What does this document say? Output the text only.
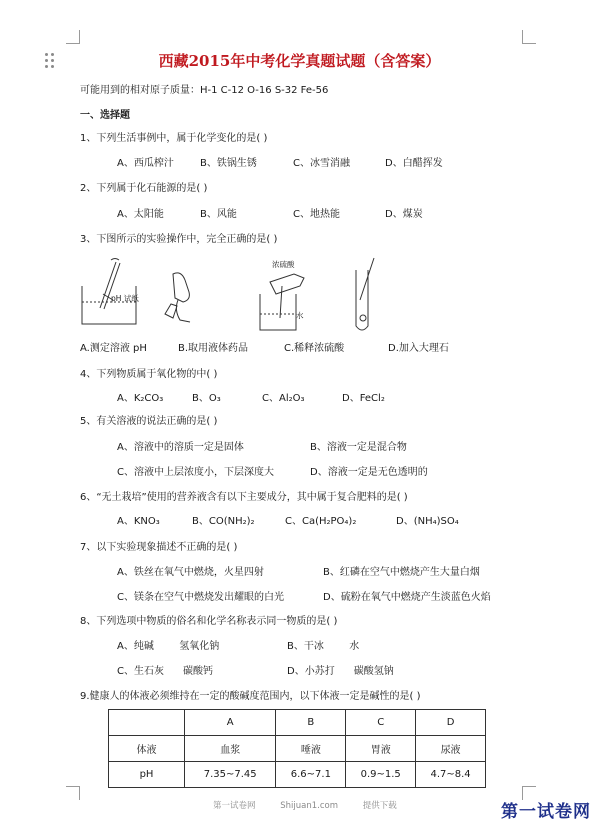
西藏2015年中考化学真题试题（含答案）
可能用到的相对原子质量：H-1 C-12 O-16 S-32 Fe-56
一、选择题
1、下列生活事例中，属于化学变化的是( )
A、西瓜榨汁	B、铁锅生锈	C、冰雪消融	D、白醋挥发
2、下列属于化石能源的是( )
A、太阳能	B、风能	C、地热能	D、煤炭
3、下图所示的实验操作中，完全正确的是( )
pH 试纸
浓硫酸
水
A.测定溶液 pH	B.取用液体药品	C.稀释浓硫酸	D.加入大理石
4、下列物质属于氧化物的中( )
A、K₂CO₃	B、O₃	C、Al₂O₃	D、FeCl₂
5、有关溶液的说法正确的是( )
A、溶液中的溶质一定是固体	B、溶液一定是混合物
C、溶液中上层浓度小，下层深度大	D、溶液一定是无色透明的
6、“无土栽培”使用的营养液含有以下主要成分，其中属于复合肥料的是( )
A、KNO₃	B、CO(NH₂)₂	C、Ca(H₂PO₄)₂	D、(NH₄)SO₄
7、以下实验现象描述不正确的是( )
A、铁丝在氧气中燃烧，火星四射	B、红磷在空气中燃烧产生大量白烟
C、镁条在空气中燃烧发出耀眼的白光	D、硫粉在氧气中燃烧产生淡蓝色火焰
8、下列选项中物质的俗名和化学名称表示同一物质的是( )
A、纯碱        氢氧化钠	B、干冰        水
C、生石灰      碳酸钙	D、小苏打      碳酸氢钠
9.健康人的体液必须维持在一定的酸碱度范围内，以下体液一定是碱性的是( )
	A	B	C	D
体液	血浆	唾液	胃液	尿液
pH	7.35~7.45	6.6~7.1	0.9~1.5	4.7~8.4
第一试卷网	Shijuan1.com	提供下载	第一试卷网
